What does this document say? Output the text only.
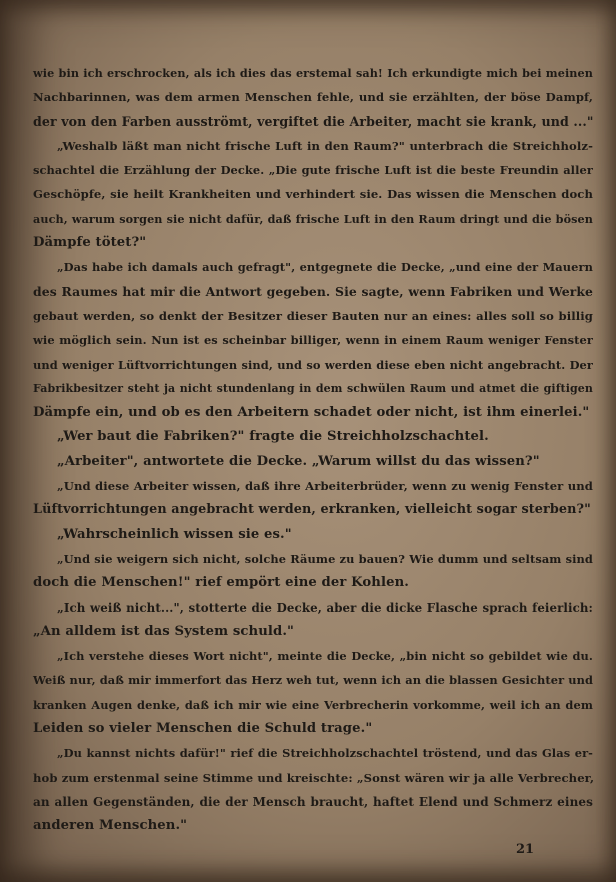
wie bin ich erschrocken, als ich dies das erstemal sah! Ich erkundigte mich bei meinen
Nachbarinnen, was dem armen Menschen fehle, und sie erzählten, der böse Dampf,
der von den Farben ausströmt, vergiftet die Arbeiter, macht sie krank, und ..."
„Weshalb läßt man nicht frische Luft in den Raum?" unterbrach die Streichholz-
schachtel die Erzählung der Decke. „Die gute frische Luft ist die beste Freundin aller
Geschöpfe, sie heilt Krankheiten und verhindert sie. Das wissen die Menschen doch
auch, warum sorgen sie nicht dafür, daß frische Luft in den Raum dringt und die bösen
Dämpfe tötet?"
„Das habe ich damals auch gefragt", entgegnete die Decke, „und eine der Mauern
des Raumes hat mir die Antwort gegeben. Sie sagte, wenn Fabriken und Werke
gebaut werden, so denkt der Besitzer dieser Bauten nur an eines: alles soll so billig
wie möglich sein. Nun ist es scheinbar billiger, wenn in einem Raum weniger Fenster
und weniger Lüftvorrichtungen sind, und so werden diese eben nicht angebracht. Der
Fabrikbesitzer steht ja nicht stundenlang in dem schwülen Raum und atmet die giftigen
Dämpfe ein, und ob es den Arbeitern schadet oder nicht, ist ihm einerlei."
„Wer baut die Fabriken?" fragte die Streichholzschachtel.
„Arbeiter", antwortete die Decke. „Warum willst du das wissen?"
„Und diese Arbeiter wissen, daß ihre Arbeiterbrüder, wenn zu wenig Fenster und
Lüftvorrichtungen angebracht werden, erkranken, vielleicht sogar sterben?"
„Wahrscheinlich wissen sie es."
„Und sie weigern sich nicht, solche Räume zu bauen? Wie dumm und seltsam sind
doch die Menschen!" rief empört eine der Kohlen.
„Ich weiß nicht...", stotterte die Decke, aber die dicke Flasche sprach feierlich:
„An alldem ist das System schuld."
„Ich verstehe dieses Wort nicht", meinte die Decke, „bin nicht so gebildet wie du.
Weiß nur, daß mir immerfort das Herz weh tut, wenn ich an die blassen Gesichter und
kranken Augen denke, daß ich mir wie eine Verbrecherin vorkomme, weil ich an dem
Leiden so vieler Menschen die Schuld trage."
„Du kannst nichts dafür!" rief die Streichholzschachtel tröstend, und das Glas er-
hob zum erstenmal seine Stimme und kreischte: „Sonst wären wir ja alle Verbrecher,
an allen Gegenständen, die der Mensch braucht, haftet Elend und Schmerz eines
anderen Menschen."
21
